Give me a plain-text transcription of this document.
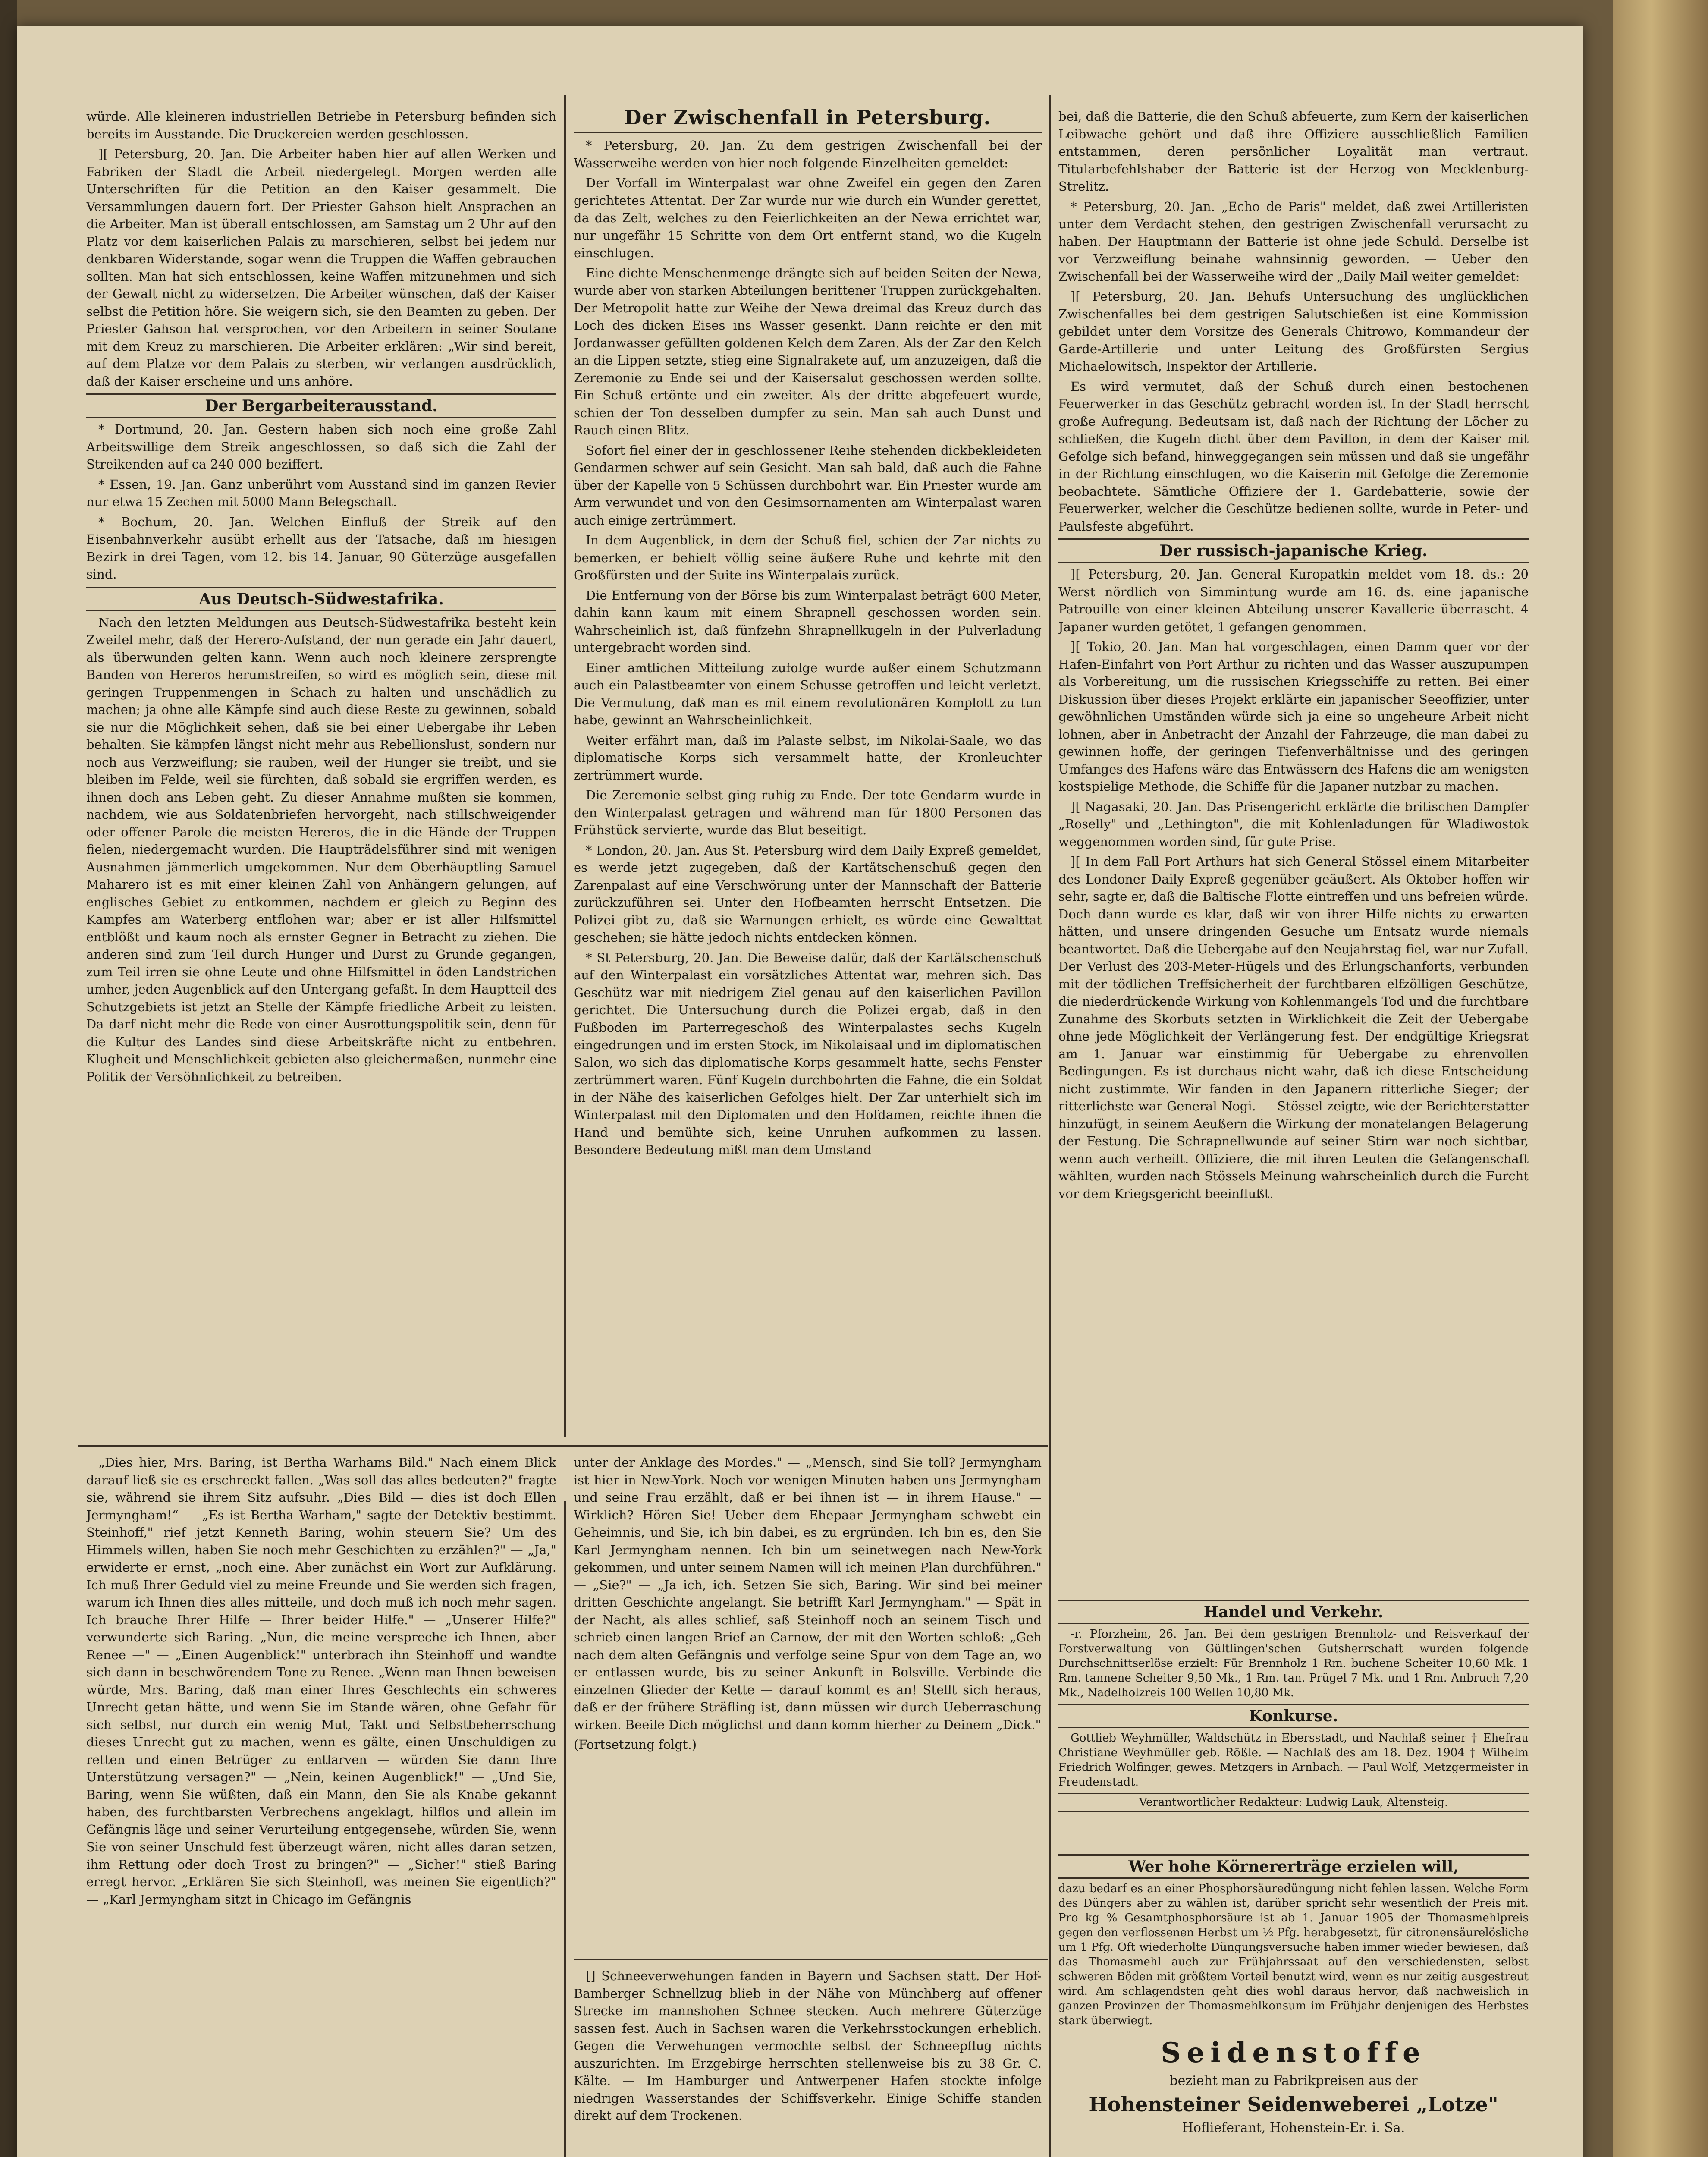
würde. Alle kleineren industriellen Betriebe in Petersburg befinden sich bereits im Ausstande. Die Druckereien werden geschlossen.

][ Petersburg, 20. Jan. Die Arbeiter haben hier auf allen Werken und Fabriken der Stadt die Arbeit niedergelegt. Morgen werden alle Unterschriften für die Petition an den Kaiser gesammelt. Die Versammlungen dauern fort. Der Priester Gahson hielt Ansprachen an die Arbeiter. Man ist überall entschlossen, am Samstag um 2 Uhr auf den Platz vor dem kaiserlichen Palais zu marschieren, selbst bei jedem nur denkbaren Widerstande, sogar wenn die Truppen die Waffen gebrauchen sollten. Man hat sich entschlossen, keine Waffen mitzunehmen und sich der Gewalt nicht zu widersetzen. Die Arbeiter wünschen, daß der Kaiser selbst die Petition höre. Sie weigern sich, sie den Beamten zu geben. Der Priester Gahson hat versprochen, vor den Arbeitern in seiner Soutane mit dem Kreuz zu marschieren. Die Arbeiter erklären: „Wir sind bereit, auf dem Platze vor dem Palais zu sterben, wir verlangen ausdrücklich, daß der Kaiser erscheine und uns anhöre.

Der Bergarbeiterausstand.

* Dortmund, 20. Jan. Gestern haben sich noch eine große Zahl Arbeitswillige dem Streik angeschlossen, so daß sich die Zahl der Streikenden auf ca 240 000 beziffert.

* Essen, 19. Jan. Ganz unberührt vom Ausstand sind im ganzen Revier nur etwa 15 Zechen mit 5000 Mann Belegschaft.

* Bochum, 20. Jan. Welchen Einfluß der Streik auf den Eisenbahnverkehr ausübt erhellt aus der Tatsache, daß im hiesigen Bezirk in drei Tagen, vom 12. bis 14. Januar, 90 Güterzüge ausgefallen sind.

Aus Deutsch-Südwestafrika.

Nach den letzten Meldungen aus Deutsch-Südwestafrika besteht kein Zweifel mehr, daß der Herero-Aufstand, der nun gerade ein Jahr dauert, als überwunden gelten kann. Wenn auch noch kleinere zersprengte Banden von Hereros herumstreifen, so wird es möglich sein, diese mit geringen Truppenmengen in Schach zu halten und unschädlich zu machen; ja ohne alle Kämpfe sind auch diese Reste zu gewinnen, sobald sie nur die Möglichkeit sehen, daß sie bei einer Uebergabe ihr Leben behalten. Sie kämpfen längst nicht mehr aus Rebellionslust, sondern nur noch aus Verzweiflung; sie rauben, weil der Hunger sie treibt, und sie bleiben im Felde, weil sie fürchten, daß sobald sie ergriffen werden, es ihnen doch ans Leben geht. Zu dieser Annahme mußten sie kommen, nachdem, wie aus Soldatenbriefen hervorgeht, nach stillschweigender oder offener Parole die meisten Hereros, die in die Hände der Truppen fielen, niedergemacht wurden. Die Haupträdelsführer sind mit wenigen Ausnahmen jämmerlich umgekommen. Nur dem Oberhäuptling Samuel Maharero ist es mit einer kleinen Zahl von Anhängern gelungen, auf englisches Gebiet zu entkommen, nachdem er gleich zu Beginn des Kampfes am Waterberg entflohen war; aber er ist aller Hilfsmittel entblößt und kaum noch als ernster Gegner in Betracht zu ziehen. Die anderen sind zum Teil durch Hunger und Durst zu Grunde gegangen, zum Teil irren sie ohne Leute und ohne Hilfsmittel in öden Landstrichen umher, jeden Augenblick auf den Untergang gefaßt. In dem Hauptteil des Schutzgebiets ist jetzt an Stelle der Kämpfe friedliche Arbeit zu leisten. Da darf nicht mehr die Rede von einer Ausrottungspolitik sein, denn für die Kultur des Landes sind diese Arbeitskräfte nicht zu entbehren. Klugheit und Menschlichkeit gebieten also gleichermaßen, nunmehr eine Politik der Versöhnlichkeit zu betreiben.

Der Zwischenfall in Petersburg.

* Petersburg, 20. Jan. Zu dem gestrigen Zwischenfall bei der Wasserweihe werden von hier noch folgende Einzelheiten gemeldet:

Der Vorfall im Winterpalast war ohne Zweifel ein gegen den Zaren gerichtetes Attentat. Der Zar wurde nur wie durch ein Wunder gerettet, da das Zelt, welches zu den Feierlichkeiten an der Newa errichtet war, nur ungefähr 15 Schritte von dem Ort entfernt stand, wo die Kugeln einschlugen.

Eine dichte Menschenmenge drängte sich auf beiden Seiten der Newa, wurde aber von starken Abteilungen berittener Truppen zurückgehalten. Der Metropolit hatte zur Weihe der Newa dreimal das Kreuz durch das Loch des dicken Eises ins Wasser gesenkt. Dann reichte er den mit Jordanwasser gefüllten goldenen Kelch dem Zaren. Als der Zar den Kelch an die Lippen setzte, stieg eine Signalrakete auf, um anzuzeigen, daß die Zeremonie zu Ende sei und der Kaisersalut geschossen werden sollte. Ein Schuß ertönte und ein zweiter. Als der dritte abgefeuert wurde, schien der Ton desselben dumpfer zu sein. Man sah auch Dunst und Rauch einen Blitz.

Sofort fiel einer der in geschlossener Reihe stehenden dickbekleideten Gendarmen schwer auf sein Gesicht. Man sah bald, daß auch die Fahne über der Kapelle von 5 Schüssen durchbohrt war. Ein Priester wurde am Arm verwundet und von den Gesimsornamenten am Winterpalast waren auch einige zertrümmert.

In dem Augenblick, in dem der Schuß fiel, schien der Zar nichts zu bemerken, er behielt völlig seine äußere Ruhe und kehrte mit den Großfürsten und der Suite ins Winterpalais zurück.

Die Entfernung von der Börse bis zum Winterpalast beträgt 600 Meter, dahin kann kaum mit einem Shrapnell geschossen worden sein. Wahrscheinlich ist, daß fünfzehn Shrapnellkugeln in der Pulverladung untergebracht worden sind.

Einer amtlichen Mitteilung zufolge wurde außer einem Schutzmann auch ein Palastbeamter von einem Schusse getroffen und leicht verletzt. Die Vermutung, daß man es mit einem revolutionären Komplott zu tun habe, gewinnt an Wahrscheinlichkeit.

Weiter erfährt man, daß im Palaste selbst, im Nikolai-Saale, wo das diplomatische Korps sich versammelt hatte, der Kronleuchter zertrümmert wurde.

Die Zeremonie selbst ging ruhig zu Ende. Der tote Gendarm wurde in den Winterpalast getragen und während man für 1800 Personen das Frühstück servierte, wurde das Blut beseitigt.

* London, 20. Jan. Aus St. Petersburg wird dem Daily Expreß gemeldet, es werde jetzt zugegeben, daß der Kartätschenschuß gegen den Zarenpalast auf eine Verschwörung unter der Mannschaft der Batterie zurückzuführen sei. Unter den Hofbeamten herrscht Entsetzen. Die Polizei gibt zu, daß sie Warnungen erhielt, es würde eine Gewalttat geschehen; sie hätte jedoch nichts entdecken können.

* St Petersburg, 20. Jan. Die Beweise dafür, daß der Kartätschenschuß auf den Winterpalast ein vorsätzliches Attentat war, mehren sich. Das Geschütz war mit niedrigem Ziel genau auf den kaiserlichen Pavillon gerichtet. Die Untersuchung durch die Polizei ergab, daß in den Fußboden im Parterregeschoß des Winterpalastes sechs Kugeln eingedrungen und im ersten Stock, im Nikolaisaal und im diplomatischen Salon, wo sich das diplomatische Korps gesammelt hatte, sechs Fenster zertrümmert waren. Fünf Kugeln durchbohrten die Fahne, die ein Soldat in der Nähe des kaiserlichen Gefolges hielt. Der Zar unterhielt sich im Winterpalast mit den Diplomaten und den Hofdamen, reichte ihnen die Hand und bemühte sich, keine Unruhen aufkommen zu lassen. Besondere Bedeutung mißt man dem Umstand

bei, daß die Batterie, die den Schuß abfeuerte, zum Kern der kaiserlichen Leibwache gehört und daß ihre Offiziere ausschließlich Familien entstammen, deren persönlicher Loyalität man vertraut. Titularbefehlshaber der Batterie ist der Herzog von Mecklenburg-Strelitz.

* Petersburg, 20. Jan. „Echo de Paris" meldet, daß zwei Artilleristen unter dem Verdacht stehen, den gestrigen Zwischenfall verursacht zu haben. Der Hauptmann der Batterie ist ohne jede Schuld. Derselbe ist vor Verzweiflung beinahe wahnsinnig geworden. — Ueber den Zwischenfall bei der Wasserweihe wird der „Daily Mail weiter gemeldet:

][ Petersburg, 20. Jan. Behufs Untersuchung des unglücklichen Zwischenfalles bei dem gestrigen Salutschießen ist eine Kommission gebildet unter dem Vorsitze des Generals Chitrowo, Kommandeur der Garde-Artillerie und unter Leitung des Großfürsten Sergius Michaelowitsch, Inspektor der Artillerie.

Es wird vermutet, daß der Schuß durch einen bestochenen Feuerwerker in das Geschütz gebracht worden ist. In der Stadt herrscht große Aufregung. Bedeutsam ist, daß nach der Richtung der Löcher zu schließen, die Kugeln dicht über dem Pavillon, in dem der Kaiser mit Gefolge sich befand, hinweggegangen sein müssen und daß sie ungefähr in der Richtung einschlugen, wo die Kaiserin mit Gefolge die Zeremonie beobachtete. Sämtliche Offiziere der 1. Gardebatterie, sowie der Feuerwerker, welcher die Geschütze bedienen sollte, wurde in Peter- und Paulsfeste abgeführt.

Der russisch-japanische Krieg.

][ Petersburg, 20. Jan. General Kuropatkin meldet vom 18. ds.: 20 Werst nördlich von Simmintung wurde am 16. ds. eine japanische Patrouille von einer kleinen Abteilung unserer Kavallerie überrascht. 4 Japaner wurden getötet, 1 gefangen genommen.

][ Tokio, 20. Jan. Man hat vorgeschlagen, einen Damm quer vor der Hafen-Einfahrt von Port Arthur zu richten und das Wasser auszupumpen als Vorbereitung, um die russischen Kriegsschiffe zu retten. Bei einer Diskussion über dieses Projekt erklärte ein japanischer Seeoffizier, unter gewöhnlichen Umständen würde sich ja eine so ungeheure Arbeit nicht lohnen, aber in Anbetracht der Anzahl der Fahrzeuge, die man dabei zu gewinnen hoffe, der geringen Tiefenverhältnisse und des geringen Umfanges des Hafens wäre das Entwässern des Hafens die am wenigsten kostspielige Methode, die Schiffe für die Japaner nutzbar zu machen.

][ Nagasaki, 20. Jan. Das Prisengericht erklärte die britischen Dampfer „Roselly" und „Lethington", die mit Kohlenladungen für Wladiwostok weggenommen worden sind, für gute Prise.

][ In dem Fall Port Arthurs hat sich General Stössel einem Mitarbeiter des Londoner Daily Expreß gegenüber geäußert. Als Oktober hoffen wir sehr, sagte er, daß die Baltische Flotte eintreffen und uns befreien würde. Doch dann wurde es klar, daß wir von ihrer Hilfe nichts zu erwarten hätten, und unsere dringenden Gesuche um Entsatz wurde niemals beantwortet. Daß die Uebergabe auf den Neujahrstag fiel, war nur Zufall. Der Verlust des 203-Meter-Hügels und des Erlungschanforts, verbunden mit der tödlichen Treffsicherheit der furchtbaren elfzölligen Geschütze, die niederdrückende Wirkung von Kohlenmangels Tod und die furchtbare Zunahme des Skorbuts setzten in Wirklichkeit die Zeit der Uebergabe ohne jede Möglichkeit der Verlängerung fest. Der endgültige Kriegsrat am 1. Januar war einstimmig für Uebergabe zu ehrenvollen Bedingungen. Es ist durchaus nicht wahr, daß ich diese Entscheidung nicht zustimmte. Wir fanden in den Japanern ritterliche Sieger; der ritterlichste war General Nogi. — Stössel zeigte, wie der Berichterstatter hinzufügt, in seinem Aeußern die Wirkung der monatelangen Belagerung der Festung. Die Schrapnellwunde auf seiner Stirn war noch sichtbar, wenn auch verheilt. Offiziere, die mit ihren Leuten die Gefangenschaft wählten, wurden nach Stössels Meinung wahrscheinlich durch die Furcht vor dem Kriegsgericht beeinflußt.

Handel und Verkehr.

-r. Pforzheim, 26. Jan. Bei dem gestrigen Brennholz- und Reisverkauf der Forstverwaltung von Gültlingen'schen Gutsherrschaft wurden folgende Durchschnittserlöse erzielt: Für Brennholz 1 Rm. buchene Scheiter 10,60 Mk. 1 Rm. tannene Scheiter 9,50 Mk., 1 Rm. tan. Prügel 7 Mk. und 1 Rm. Anbruch 7,20 Mk., Nadelholzreis 100 Wellen 10,80 Mk.

Konkurse.

Gottlieb Weyhmüller, Waldschütz in Ebersstadt, und Nachlaß seiner † Ehefrau Christiane Weyhmüller geb. Rößle. — Nachlaß des am 18. Dez. 1904 † Wilhelm Friedrich Wolfinger, gewes. Metzgers in Arnbach. — Paul Wolf, Metzgermeister in Freudenstadt.

Verantwortlicher Redakteur: Ludwig Lauk, Altensteig.
Wer hohe Körnererträge erzielen will,

dazu bedarf es an einer Phosphorsäuredüngung nicht fehlen lassen. Welche Form des Düngers aber zu wählen ist, darüber spricht sehr wesentlich der Preis mit. Pro kg % Gesamtphosphorsäure ist ab 1. Januar 1905 der Thomasmehlpreis gegen den verflossenen Herbst um ½ Pfg. herabgesetzt, für citronensäurelösliche um 1 Pfg. Oft wiederholte Düngungsversuche haben immer wieder bewiesen, daß das Thomasmehl auch zur Frühjahrssaat auf den verschiedensten, selbst schweren Böden mit größtem Vorteil benutzt wird, wenn es nur zeitig ausgestreut wird. Am schlagendsten geht dies wohl daraus hervor, daß nachweislich in ganzen Provinzen der Thomasmehlkonsum im Frühjahr denjenigen des Herbstes stark überwiegt.

Seidenstoffe
bezieht man zu Fabrikpreisen aus der
Hohensteiner Seidenweberei „Lotze"
Hoflieferant, Hohenstein-Er. i. Sa.

„Dies hier, Mrs. Baring, ist Bertha Warhams Bild." Nach einem Blick darauf ließ sie es erschreckt fallen. „Was soll das alles bedeuten?" fragte sie, während sie ihrem Sitz aufsuhr. „Dies Bild — dies ist doch Ellen Jermyngham!“ — „Es ist Bertha Warham," sagte der Detektiv bestimmt. Steinhoff," rief jetzt Kenneth Baring, wohin steuern Sie? Um des Himmels willen, haben Sie noch mehr Geschichten zu erzählen?" — „Ja," erwiderte er ernst, „noch eine. Aber zunächst ein Wort zur Aufklärung. Ich muß Ihrer Geduld viel zu meine Freunde und Sie werden sich fragen, warum ich Ihnen dies alles mitteile, und doch muß ich noch mehr sagen. Ich brauche Ihrer Hilfe — Ihrer beider Hilfe." — „Unserer Hilfe?" verwunderte sich Baring. „Nun, die meine verspreche ich Ihnen, aber Renee —" — „Einen Augenblick!" unterbrach ihn Steinhoff und wandte sich dann in beschwörendem Tone zu Renee. „Wenn man Ihnen beweisen würde, Mrs. Baring, daß man einer Ihres Geschlechts ein schweres Unrecht getan hätte, und wenn Sie im Stande wären, ohne Gefahr für sich selbst, nur durch ein wenig Mut, Takt und Selbstbeherrschung dieses Unrecht gut zu machen, wenn es gälte, einen Unschuldigen zu retten und einen Betrüger zu entlarven — würden Sie dann Ihre Unterstützung versagen?" — „Nein, keinen Augenblick!" — „Und Sie, Baring, wenn Sie wüßten, daß ein Mann, den Sie als Knabe gekannt haben, des furchtbarsten Verbrechens angeklagt, hilflos und allein im Gefängnis läge und seiner Verurteilung entgegensehe, würden Sie, wenn Sie von seiner Unschuld fest überzeugt wären, nicht alles daran setzen, ihm Rettung oder doch Trost zu bringen?" — „Sicher!" stieß Baring erregt hervor. „Erklären Sie sich Steinhoff, was meinen Sie eigentlich?" — „Karl Jermyngham sitzt in Chicago im Gefängnis

unter der Anklage des Mordes." — „Mensch, sind Sie toll? Jermyngham ist hier in New-York. Noch vor wenigen Minuten haben uns Jermyngham und seine Frau erzählt, daß er bei ihnen ist — in ihrem Hause." — Wirklich? Hören Sie! Ueber dem Ehepaar Jermyngham schwebt ein Geheimnis, und Sie, ich bin dabei, es zu ergründen. Ich bin es, den Sie Karl Jermyngham nennen. Ich bin um seinetwegen nach New-York gekommen, und unter seinem Namen will ich meinen Plan durchführen." — „Sie?" — „Ja ich, ich. Setzen Sie sich, Baring. Wir sind bei meiner dritten Geschichte angelangt. Sie betrifft Karl Jermyngham." — Spät in der Nacht, als alles schlief, saß Steinhoff noch an seinem Tisch und schrieb einen langen Brief an Carnow, der mit den Worten schloß: „Geh nach dem alten Gefängnis und verfolge seine Spur von dem Tage an, wo er entlassen wurde, bis zu seiner Ankunft in Bolsville. Verbinde die einzelnen Glieder der Kette — darauf kommt es an! Stellt sich heraus, daß er der frühere Sträfling ist, dann müssen wir durch Ueberraschung wirken. Beeile Dich möglichst und dann komm hierher zu Deinem „Dick."

(Fortsetzung folgt.)

[] Schneeverwehungen fanden in Bayern und Sachsen statt. Der Hof-Bamberger Schnellzug blieb in der Nähe von Münchberg auf offener Strecke im mannshohen Schnee stecken. Auch mehrere Güterzüge sassen fest. Auch in Sachsen waren die Verkehrsstockungen erheblich. Gegen die Verwehungen vermochte selbst der Schneepflug nichts auszurichten. Im Erzgebirge herrschten stellenweise bis zu 38 Gr. C. Kälte. — Im Hamburger und Antwerpener Hafen stockte infolge niedrigen Wasserstandes der Schiffsverkehr. Einige Schiffe standen direkt auf dem Trockenen.
